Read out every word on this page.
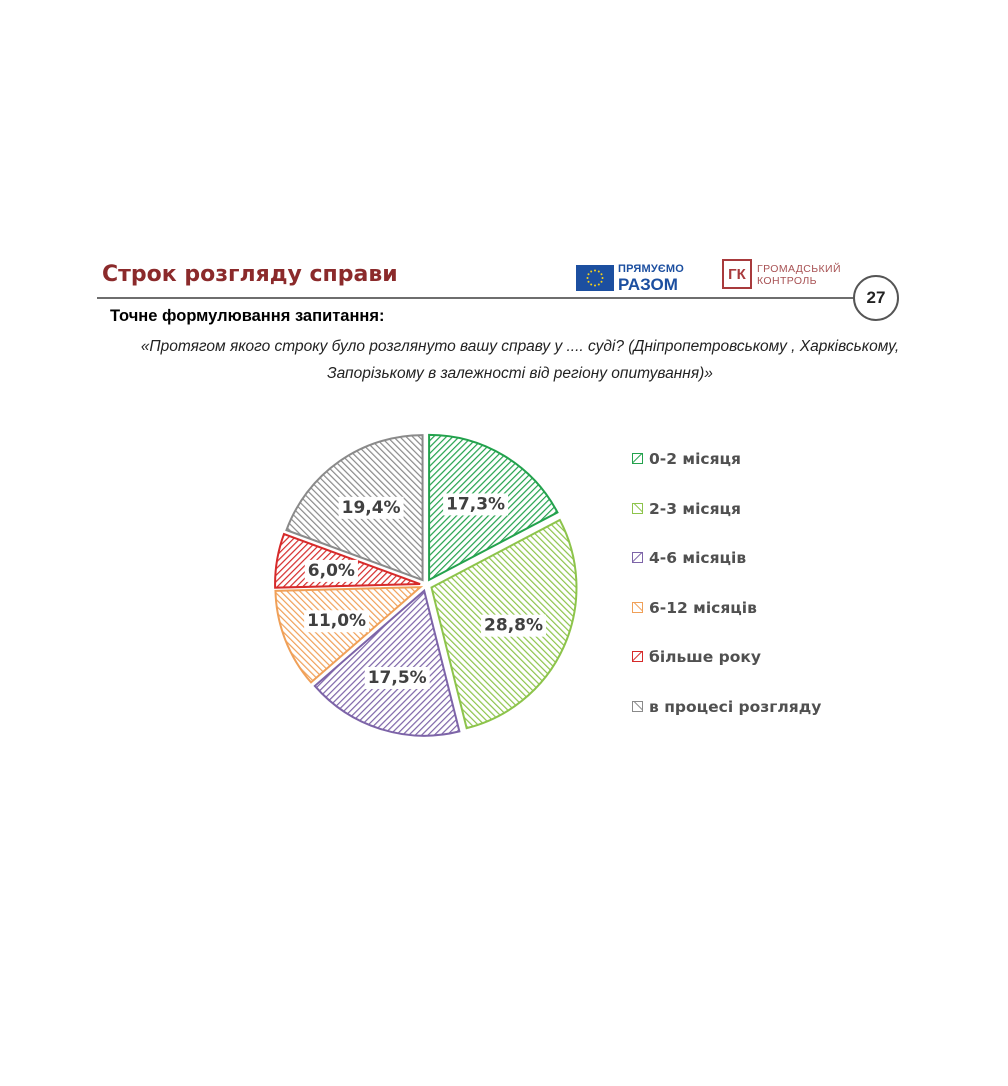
Строк розгляду справи	ПРЯМУЄМО
РАЗОМ
ГК	ГРОМАДСЬКИЙ
КОНТРОЛЬ
27
Точне формулювання запитання:
«Протягом якого строку було розглянуто вашу справу у .... суді? (Дніпропетровському , Харківському, Запорізькому в залежності від регіону опитування)»
17,3%
28,8%
17,5%
11,0%
6,0%
19,4%
0-2 місяця
2-3 місяця
4-6 місяців
6-12 місяців
більше року
в процесі розгляду
